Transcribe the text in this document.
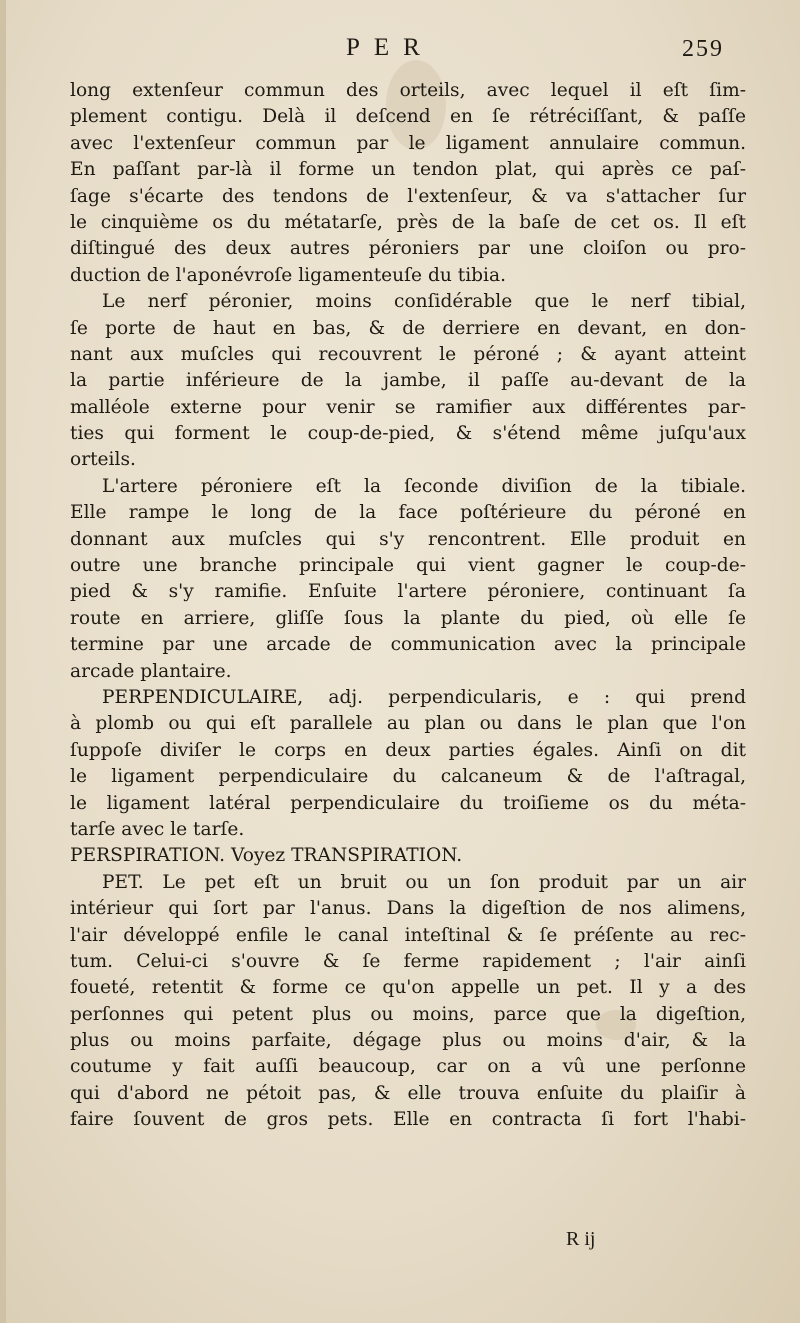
PER	259
long extenſeur commun des orteils, avec lequel il eſt ſim-
plement contigu. Delà il deſcend en ſe rétréciſſant, & paſſe
avec l'extenſeur commun par le ligament annulaire commun.
En paſſant par-là il forme un tendon plat, qui après ce paſ-
ſage s'écarte des tendons de l'extenſeur, & va s'attacher ſur
le cinquième os du métatarſe, près de la baſe de cet os. Il eſt
diſtingué des deux autres péroniers par une cloiſon ou pro-
duction de l'aponévroſe ligamenteuſe du tibia.
Le nerf péronier, moins conſidérable que le nerf tibial,
ſe porte de haut en bas, & de derriere en devant, en don-
nant aux muſcles qui recouvrent le péroné ; & ayant atteint
la partie inférieure de la jambe, il paſſe au-devant de la
malléole externe pour venir se ramifier aux différentes par-
ties qui forment le coup-de-pied, & s'étend même juſqu'aux
orteils.
L'artere péroniere eſt la ſeconde diviſion de la tibiale.
Elle rampe le long de la face poſtérieure du péroné en
donnant aux muſcles qui s'y rencontrent. Elle produit en
outre une branche principale qui vient gagner le coup-de-
pied & s'y ramifie. Enſuite l'artere péroniere, continuant ſa
route en arriere, gliſſe ſous la plante du pied, où elle ſe
termine par une arcade de communication avec la principale
arcade plantaire.
PERPENDICULAIRE, adj. perpendicularis, e : qui prend
à plomb ou qui eſt parallele au plan ou dans le plan que l'on
ſuppoſe diviſer le corps en deux parties égales. Ainſi on dit
le ligament perpendiculaire du calcaneum & de l'aſtragal,
le ligament latéral perpendiculaire du troiſieme os du méta-
tarſe avec le tarſe.
PERSPIRATION. Voyez TRANSPIRATION.
PET. Le pet eſt un bruit ou un ſon produit par un air
intérieur qui ſort par l'anus. Dans la digeſtion de nos alimens,
l'air développé enfile le canal inteſtinal & ſe préſente au rec-
tum. Celui-ci s'ouvre & ſe ferme rapidement ; l'air ainſi
foueté, retentit & forme ce qu'on appelle un pet. Il y a des
perſonnes qui petent plus ou moins, parce que la digeſtion,
plus ou moins parfaite, dégage plus ou moins d'air, & la
coutume y fait auſſi beaucoup, car on a vû une perſonne
qui d'abord ne pétoit pas, & elle trouva enſuite du plaiſir à
faire ſouvent de gros pets. Elle en contracta ſi fort l'habi-
R ij
